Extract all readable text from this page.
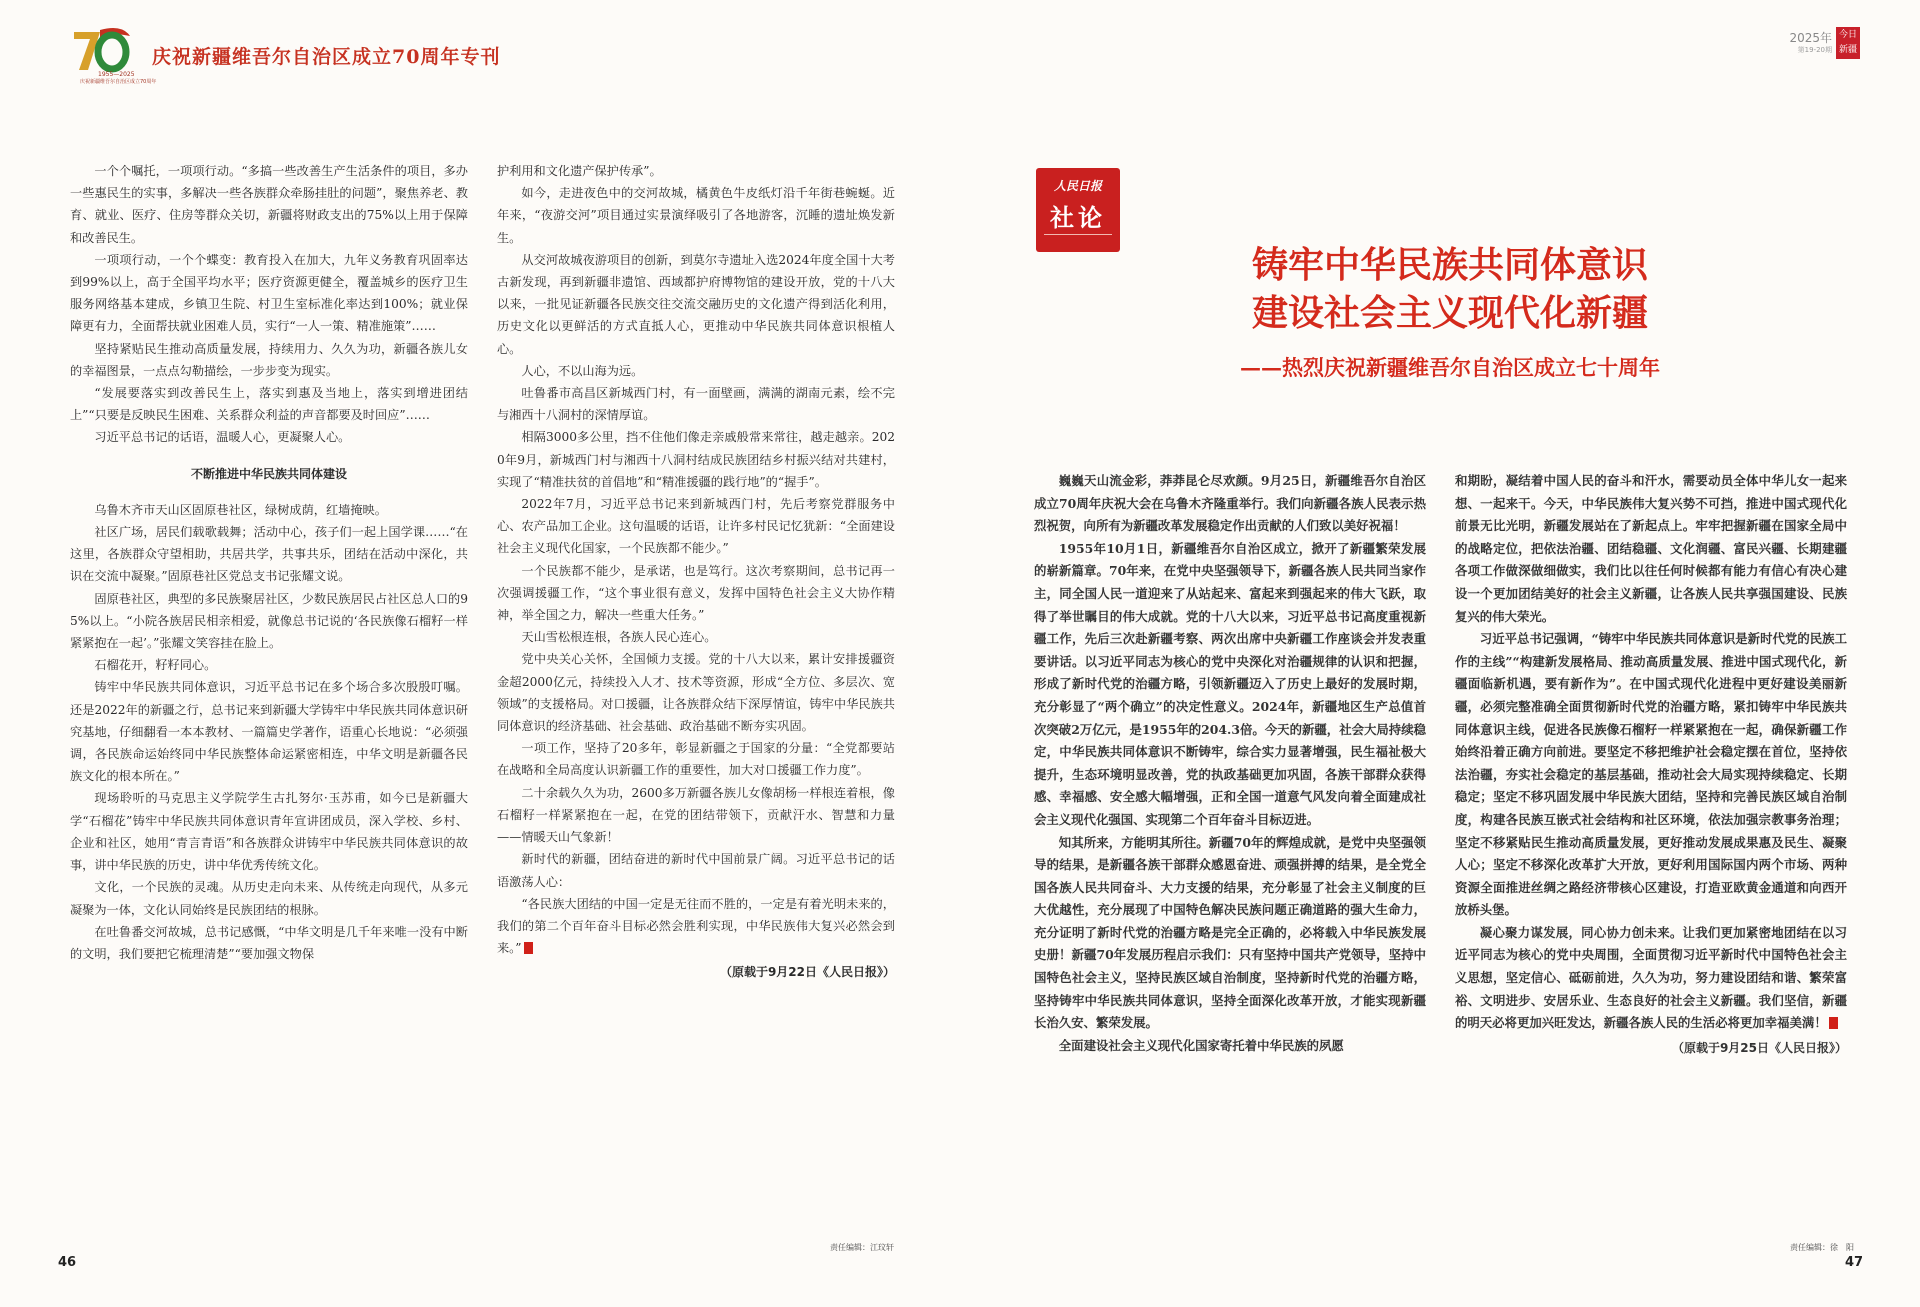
1955—2025
庆祝新疆维吾尔自治区成立70周年
庆祝新疆维吾尔自治区成立70周年专刊
2025年
第19-20期
今日新疆

一个个嘱托，一项项行动。“多搞一些改善生产生活条件的项目，多办一些惠民生的实事，多解决一些各族群众牵肠挂肚的问题”，聚焦养老、教育、就业、医疗、住房等群众关切，新疆将财政支出的75%以上用于保障和改善民生。

一项项行动，一个个蝶变：教育投入在加大，九年义务教育巩固率达到99%以上，高于全国平均水平；医疗资源更健全，覆盖城乡的医疗卫生服务网络基本建成，乡镇卫生院、村卫生室标准化率达到100%；就业保障更有力，全面帮扶就业困难人员，实行“一人一策、精准施策”……

坚持紧贴民生推动高质量发展，持续用力、久久为功，新疆各族儿女的幸福图景，一点点勾勒描绘，一步步变为现实。

“发展要落实到改善民生上，落实到惠及当地上，落实到增进团结上”“只要是反映民生困难、关系群众利益的声音都要及时回应”……

习近平总书记的话语，温暖人心，更凝聚人心。

不断推进中华民族共同体建设

乌鲁木齐市天山区固原巷社区，绿树成荫，红墙掩映。

社区广场，居民们载歌载舞；活动中心，孩子们一起上国学课……“在这里，各族群众守望相助，共居共学，共事共乐，团结在活动中深化，共识在交流中凝聚。”固原巷社区党总支书记张耀文说。

固原巷社区，典型的多民族聚居社区，少数民族居民占社区总人口的95%以上。“小院各族居民相亲相爱，就像总书记说的‘各民族像石榴籽一样紧紧抱在一起’。”张耀文笑容挂在脸上。

石榴花开，籽籽同心。

铸牢中华民族共同体意识，习近平总书记在多个场合多次殷殷叮嘱。还是2022年的新疆之行，总书记来到新疆大学铸牢中华民族共同体意识研究基地，仔细翻看一本本教材、一篇篇史学著作，语重心长地说：“必须强调，各民族命运始终同中华民族整体命运紧密相连，中华文明是新疆各民族文化的根本所在。”

现场聆听的马克思主义学院学生古扎努尔·玉苏甫，如今已是新疆大学“石榴花”铸牢中华民族共同体意识青年宣讲团成员，深入学校、乡村、企业和社区，她用“青言青语”和各族群众讲铸牢中华民族共同体意识的故事，讲中华民族的历史，讲中华优秀传统文化。

文化，一个民族的灵魂。从历史走向未来、从传统走向现代，从多元凝聚为一体，文化认同始终是民族团结的根脉。

在吐鲁番交河故城，总书记感慨，“中华文明是几千年来唯一没有中断的文明，我们要把它梳理清楚”“要加强文物保

护利用和文化遗产保护传承”。

如今，走进夜色中的交河故城，橘黄色牛皮纸灯沿千年街巷蜿蜒。近年来，“夜游交河”项目通过实景演绎吸引了各地游客，沉睡的遗址焕发新生。

从交河故城夜游项目的创新，到莫尔寺遗址入选2024年度全国十大考古新发现，再到新疆非遗馆、西域都护府博物馆的建设开放，党的十八大以来，一批见证新疆各民族交往交流交融历史的文化遗产得到活化利用，历史文化以更鲜活的方式直抵人心，更推动中华民族共同体意识根植人心。

人心，不以山海为远。

吐鲁番市高昌区新城西门村，有一面壁画，满满的湖南元素，绘不完与湘西十八洞村的深情厚谊。

相隔3000多公里，挡不住他们像走亲戚般常来常往，越走越亲。2020年9月，新城西门村与湘西十八洞村结成民族团结乡村振兴结对共建村，实现了“精准扶贫的首倡地”和“精准援疆的践行地”的“握手”。

2022年7月，习近平总书记来到新城西门村，先后考察党群服务中心、农产品加工企业。这句温暖的话语，让许多村民记忆犹新：“全面建设社会主义现代化国家，一个民族都不能少。”

一个民族都不能少，是承诺，也是笃行。这次考察期间，总书记再一次强调援疆工作，“这个事业很有意义，发挥中国特色社会主义大协作精神，举全国之力，解决一些重大任务。”

天山雪松根连根，各族人民心连心。

党中央关心关怀，全国倾力支援。党的十八大以来，累计安排援疆资金超2000亿元，持续投入人才、技术等资源，形成“全方位、多层次、宽领域”的支援格局。对口援疆，让各族群众结下深厚情谊，铸牢中华民族共同体意识的经济基础、社会基础、政治基础不断夯实巩固。

一项工作，坚持了20多年，彰显新疆之于国家的分量：“全党都要站在战略和全局高度认识新疆工作的重要性，加大对口援疆工作力度”。

二十余载久久为功，2600多万新疆各族儿女像胡杨一样根连着根，像石榴籽一样紧紧抱在一起，在党的团结带领下，贡献汗水、智慧和力量——情暖天山气象新！

新时代的新疆，团结奋进的新时代中国前景广阔。习近平总书记的话语激荡人心：

“各民族大团结的中国一定是无往而不胜的，一定是有着光明未来的，我们的第二个百年奋斗目标必然会胜利实现，中华民族伟大复兴必然会到来。”

（原载于9月22日《人民日报》）

责任编辑：江玟轩
46
人民日报
社论
铸牢中华民族共同体意识
建设社会主义现代化新疆
——热烈庆祝新疆维吾尔自治区成立七十周年

巍巍天山流金彩，莽莽昆仑尽欢颜。9月25日，新疆维吾尔自治区成立70周年庆祝大会在乌鲁木齐隆重举行。我们向新疆各族人民表示热烈祝贺，向所有为新疆改革发展稳定作出贡献的人们致以美好祝福！

1955年10月1日，新疆维吾尔自治区成立，掀开了新疆繁荣发展的崭新篇章。70年来，在党中央坚强领导下，新疆各族人民共同当家作主，同全国人民一道迎来了从站起来、富起来到强起来的伟大飞跃，取得了举世瞩目的伟大成就。党的十八大以来，习近平总书记高度重视新疆工作，先后三次赴新疆考察、两次出席中央新疆工作座谈会并发表重要讲话。以习近平同志为核心的党中央深化对治疆规律的认识和把握，形成了新时代党的治疆方略，引领新疆迈入了历史上最好的发展时期，充分彰显了“两个确立”的决定性意义。2024年，新疆地区生产总值首次突破2万亿元，是1955年的204.3倍。今天的新疆，社会大局持续稳定，中华民族共同体意识不断铸牢，综合实力显著增强，民生福祉极大提升，生态环境明显改善，党的执政基础更加巩固，各族干部群众获得感、幸福感、安全感大幅增强，正和全国一道意气风发向着全面建成社会主义现代化强国、实现第二个百年奋斗目标迈进。

知其所来，方能明其所往。新疆70年的辉煌成就，是党中央坚强领导的结果，是新疆各族干部群众感恩奋进、顽强拼搏的结果，是全党全国各族人民共同奋斗、大力支援的结果，充分彰显了社会主义制度的巨大优越性，充分展现了中国特色解决民族问题正确道路的强大生命力，充分证明了新时代党的治疆方略是完全正确的，必将载入中华民族发展史册！新疆70年发展历程启示我们：只有坚持中国共产党领导，坚持中国特色社会主义，坚持民族区域自治制度，坚持新时代党的治疆方略，坚持铸牢中华民族共同体意识，坚持全面深化改革开放，才能实现新疆长治久安、繁荣发展。

全面建设社会主义现代化国家寄托着中华民族的夙愿

和期盼，凝结着中国人民的奋斗和汗水，需要动员全体中华儿女一起来想、一起来干。今天，中华民族伟大复兴势不可挡，推进中国式现代化前景无比光明，新疆发展站在了新起点上。牢牢把握新疆在国家全局中的战略定位，把依法治疆、团结稳疆、文化润疆、富民兴疆、长期建疆各项工作做深做细做实，我们比以往任何时候都有能力有信心有决心建设一个更加团结美好的社会主义新疆，让各族人民共享强国建设、民族复兴的伟大荣光。

习近平总书记强调，“铸牢中华民族共同体意识是新时代党的民族工作的主线”“构建新发展格局、推动高质量发展、推进中国式现代化，新疆面临新机遇，要有新作为”。在中国式现代化进程中更好建设美丽新疆，必须完整准确全面贯彻新时代党的治疆方略，紧扣铸牢中华民族共同体意识主线，促进各民族像石榴籽一样紧紧抱在一起，确保新疆工作始终沿着正确方向前进。要坚定不移把维护社会稳定摆在首位，坚持依法治疆，夯实社会稳定的基层基础，推动社会大局实现持续稳定、长期稳定；坚定不移巩固发展中华民族大团结，坚持和完善民族区域自治制度，构建各民族互嵌式社会结构和社区环境，依法加强宗教事务治理；坚定不移紧贴民生推动高质量发展，更好推动发展成果惠及民生、凝聚人心；坚定不移深化改革扩大开放，更好利用国际国内两个市场、两种资源全面推进丝绸之路经济带核心区建设，打造亚欧黄金通道和向西开放桥头堡。

凝心聚力谋发展，同心协力创未来。让我们更加紧密地团结在以习近平同志为核心的党中央周围，全面贯彻习近平新时代中国特色社会主义思想，坚定信心、砥砺前进，久久为功，努力建设团结和谐、繁荣富裕、文明进步、安居乐业、生态良好的社会主义新疆。我们坚信，新疆的明天必将更加兴旺发达，新疆各族人民的生活必将更加幸福美满！

（原载于9月25日《人民日报》）

责任编辑：徐　阳
47
